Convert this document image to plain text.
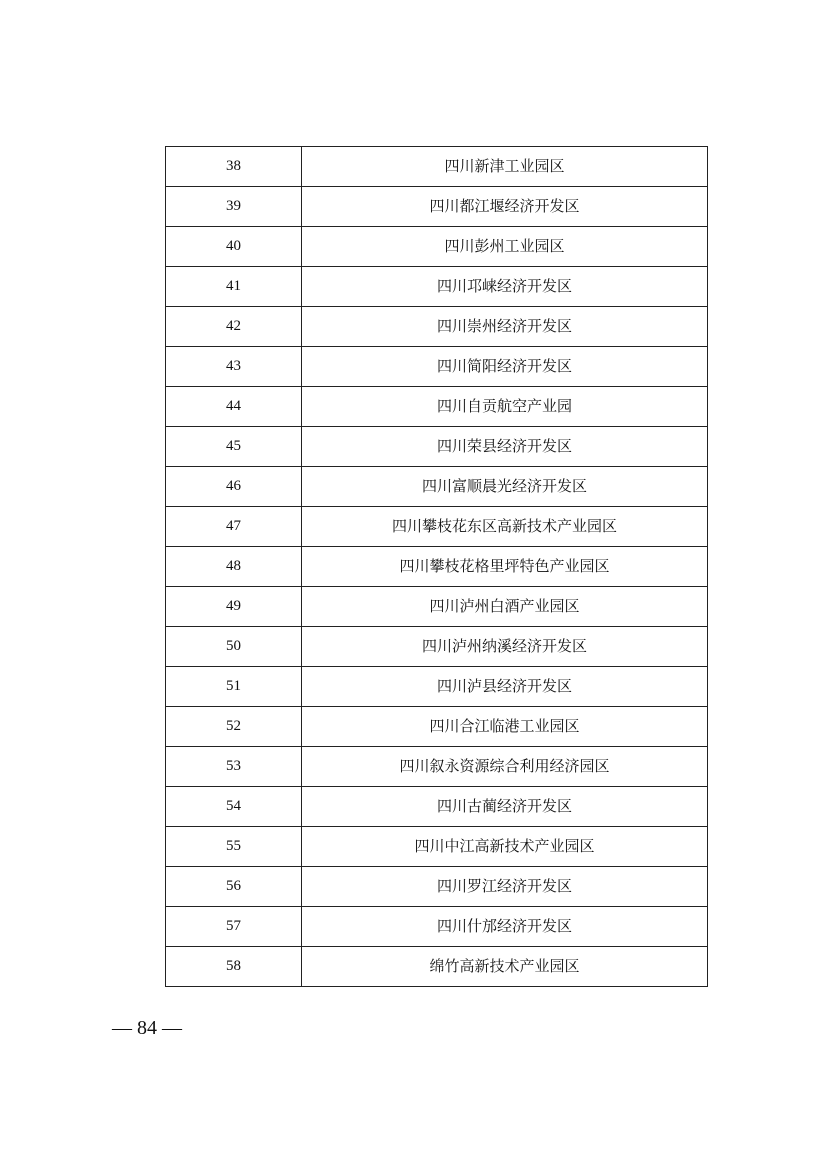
38	四川新津工业园区
39	四川都江堰经济开发区
40	四川彭州工业园区
41	四川邛崃经济开发区
42	四川崇州经济开发区
43	四川简阳经济开发区
44	四川自贡航空产业园
45	四川荣县经济开发区
46	四川富顺晨光经济开发区
47	四川攀枝花东区高新技术产业园区
48	四川攀枝花格里坪特色产业园区
49	四川泸州白酒产业园区
50	四川泸州纳溪经济开发区
51	四川泸县经济开发区
52	四川合江临港工业园区
53	四川叙永资源综合利用经济园区
54	四川古蔺经济开发区
55	四川中江高新技术产业园区
56	四川罗江经济开发区
57	四川什邡经济开发区
58	绵竹高新技术产业园区
— 84 —
